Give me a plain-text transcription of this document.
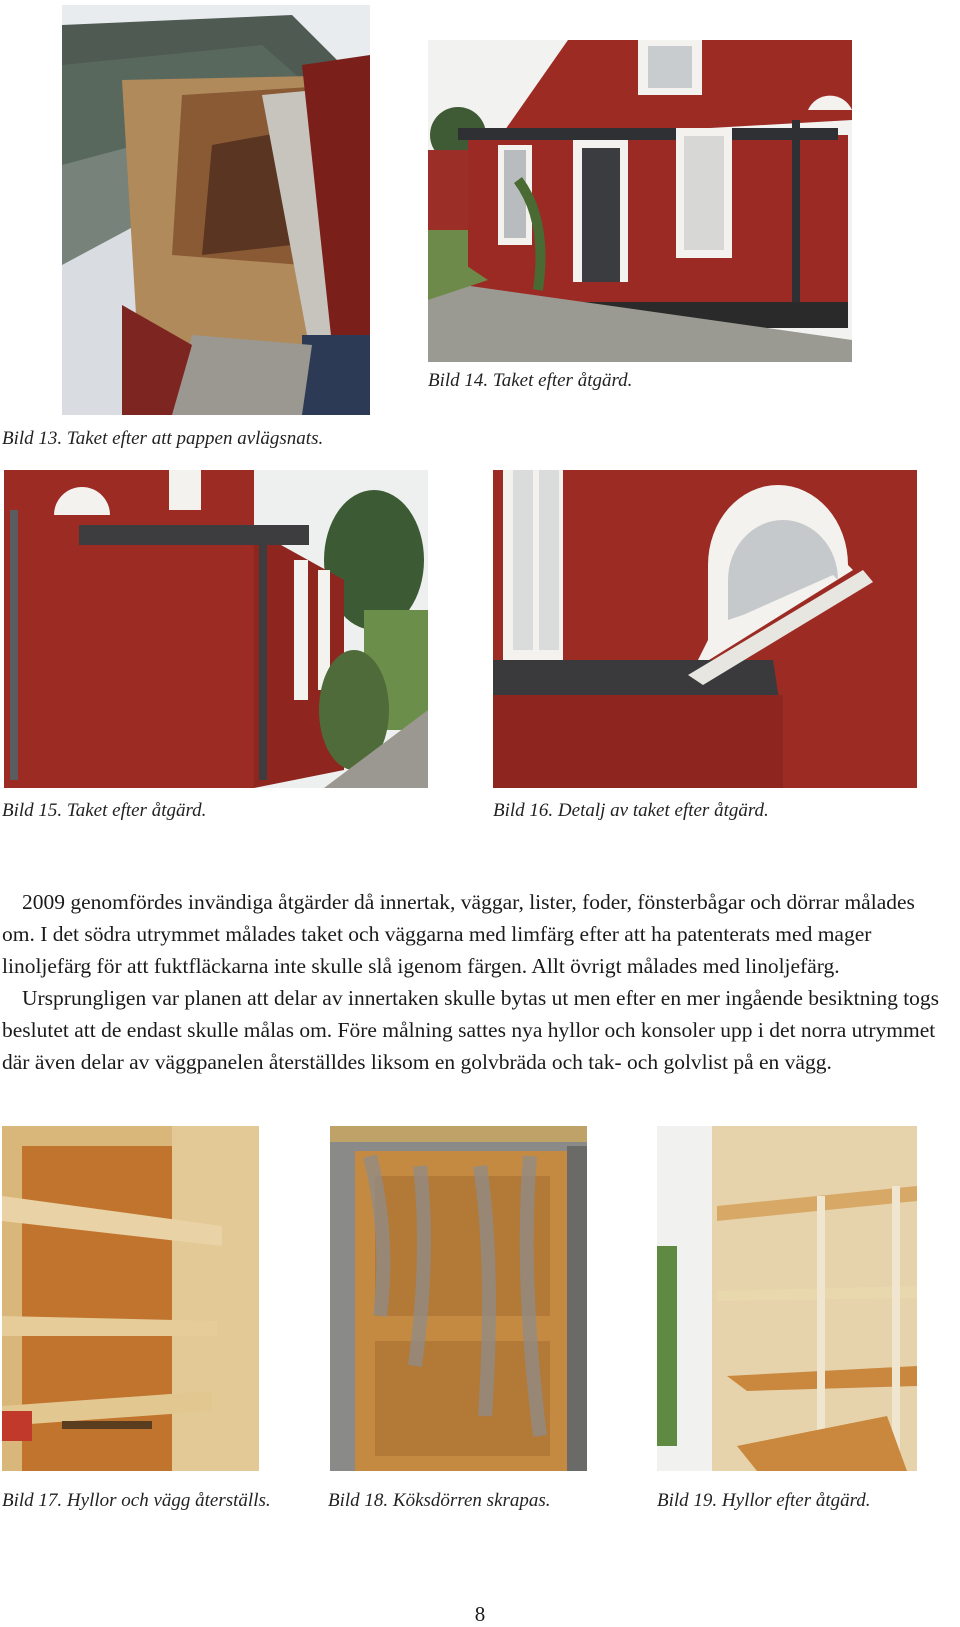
Bild 13. Taket efter att pappen avlägsnats.
Bild 14. Taket efter åtgärd.
Bild 15. Taket efter åtgärd.	Bild 16. Detalj av taket efter åtgärd.

2009 genomfördes invändiga åtgärder då innertak, väggar, lister, foder, fönsterbågar och dörrar målades om. I det södra utrymmet målades taket och väggarna med limfärg efter att ha patenterats med mager linoljefärg för att fuktfläckarna inte skulle slå igenom färgen. Allt övrigt målades med linoljefärg.

Ursprungligen var planen att delar av innertaken skulle bytas ut men efter en mer ingående besiktning togs beslutet att de endast skulle målas om. Före målning sattes nya hyllor och konsoler upp i det norra utrymmet där även delar av väggpanelen återställdes liksom en golvbräda och tak- och golvlist på en vägg.

Bild 17. Hyllor och vägg återställs.	Bild 18. Köksdörren skrapas.	Bild 19. Hyllor efter åtgärd.
8
